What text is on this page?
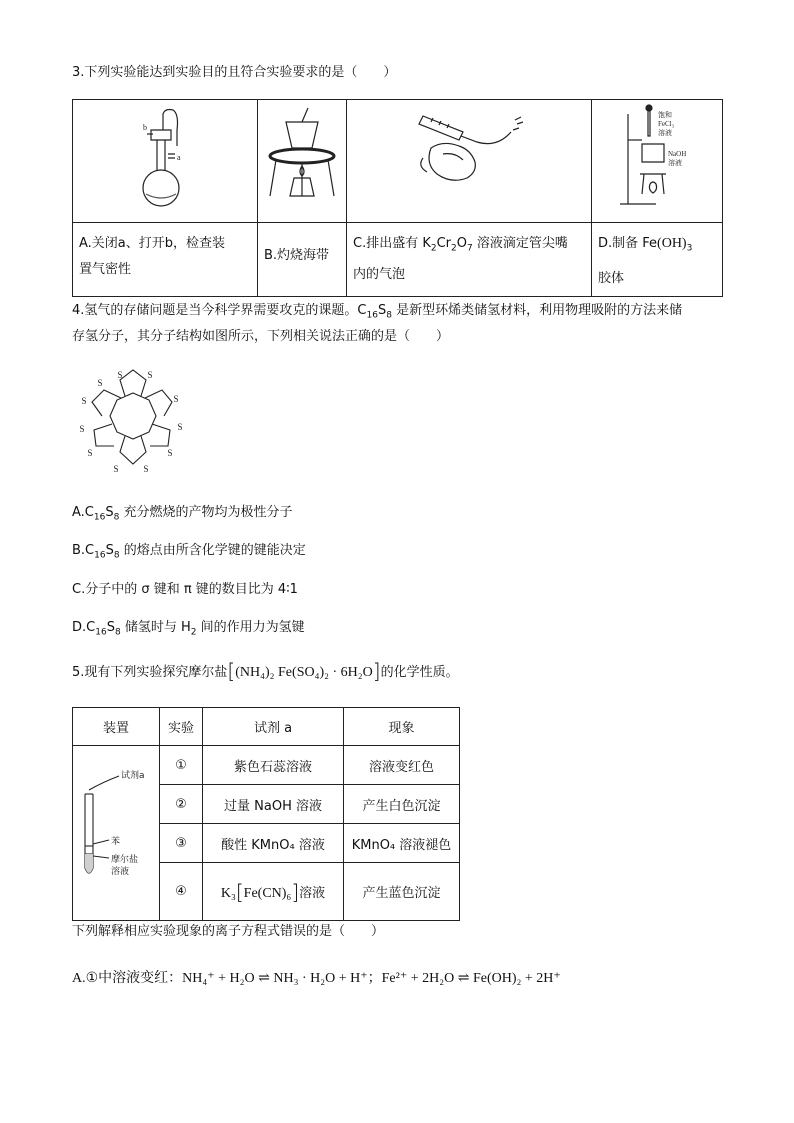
3.下列实验能达到实验目的且符合实验要求的是（　　）
b
a			饱和
FeCl₃
溶液
NaOH
溶液

A.关闭a、打开b，检查装
置气密性	B.灼烧海带	C.排出盛有 $K_2Cr_2O_7$ 溶液滴定管尖嘴
内的气泡	D.制备 $Fe(OH)_3$
胶体
4.氢气的存储问题是当今科学界需要攻克的课题。$C_{16}S_8$ 是新型环烯类储氢材料，利用物理吸附的方法来储
存氢分子，其分子结构如图所示，下列相关说法正确的是（　　）
S	S
S
S
S
S
S
S
S
S
S
$A.C_{16}S_8$ 充分燃烧的产物均为极性分子
$B.C_{16}S_8$ 的熔点由所含化学键的键能决定
C.分子中的 σ 键和 π 键的数目比为 4∶1
$D.C_{16}S_8$ 储氢时与 $H_2$ 间的作用力为氢键
5.现有下列实验探究摩尔盐[(NH₄)₂ Fe(SO₄)₂ · 6H₂O]的化学性质。
装置	实验	试剂 a	现象

试剂a
苯
摩尔盐
溶液	①	紫色石蕊溶液	溶液变红色
	②	过量 NaOH 溶液	产生白色沉淀
	③	酸性 KMnO₄ 溶液	KMnO₄ 溶液褪色
	④	K₃[Fe(CN)₆]溶液	产生蓝色沉淀
下列解释相应实验现象的离子方程式错误的是（　　）
A.①中溶液变红：NH₄⁺ + H₂O ⇌ NH₃ · H₂O + H⁺；Fe²⁺ + 2H₂O ⇌ Fe(OH)₂ + 2H⁺
